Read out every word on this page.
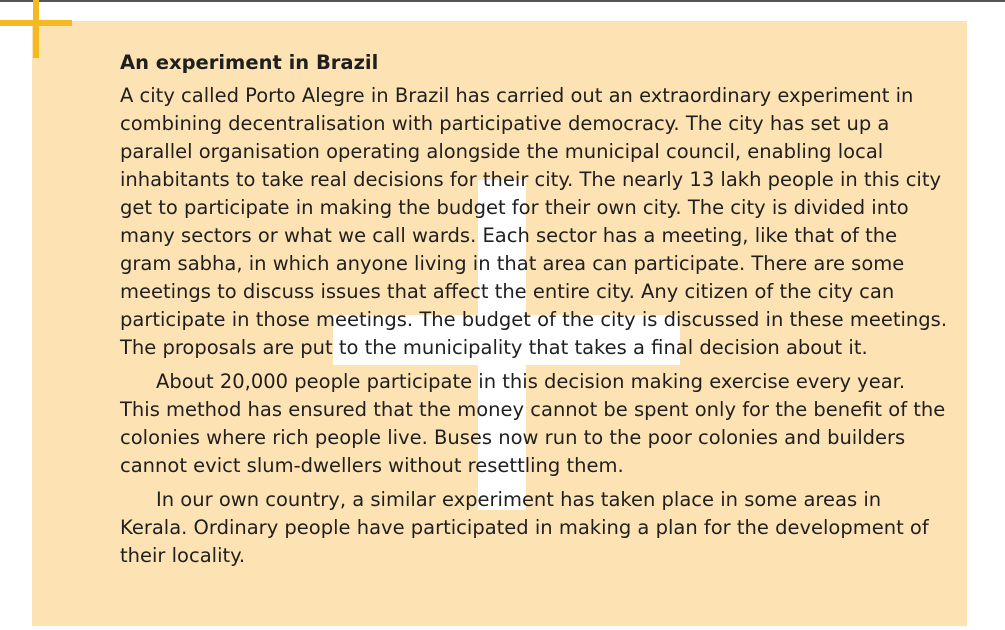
An experiment in Brazil

A city called Porto Alegre in Brazil has carried out an extraordinary experiment in combining decentralisation with participative democracy. The city has set up a parallel organisation operating alongside the municipal council, enabling local inhabitants to take real decisions for their city. The nearly 13 lakh people in this city get to participate in making the budget for their own city. The city is divided into many sectors or what we call wards. Each sector has a meeting, like that of the gram sabha, in which anyone living in that area can participate. There are some meetings to discuss issues that affect the entire city. Any citizen of the city can participate in those meetings. The budget of the city is discussed in these meetings. The proposals are put to the municipality that takes a final decision about it.

About 20,000 people participate in this decision making exercise every year. This method has ensured that the money cannot be spent only for the benefit of the colonies where rich people live. Buses now run to the poor colonies and builders cannot evict slum-dwellers without resettling them.

In our own country, a similar experiment has taken place in some areas in Kerala. Ordinary people have participated in making a plan for the development of their locality.
